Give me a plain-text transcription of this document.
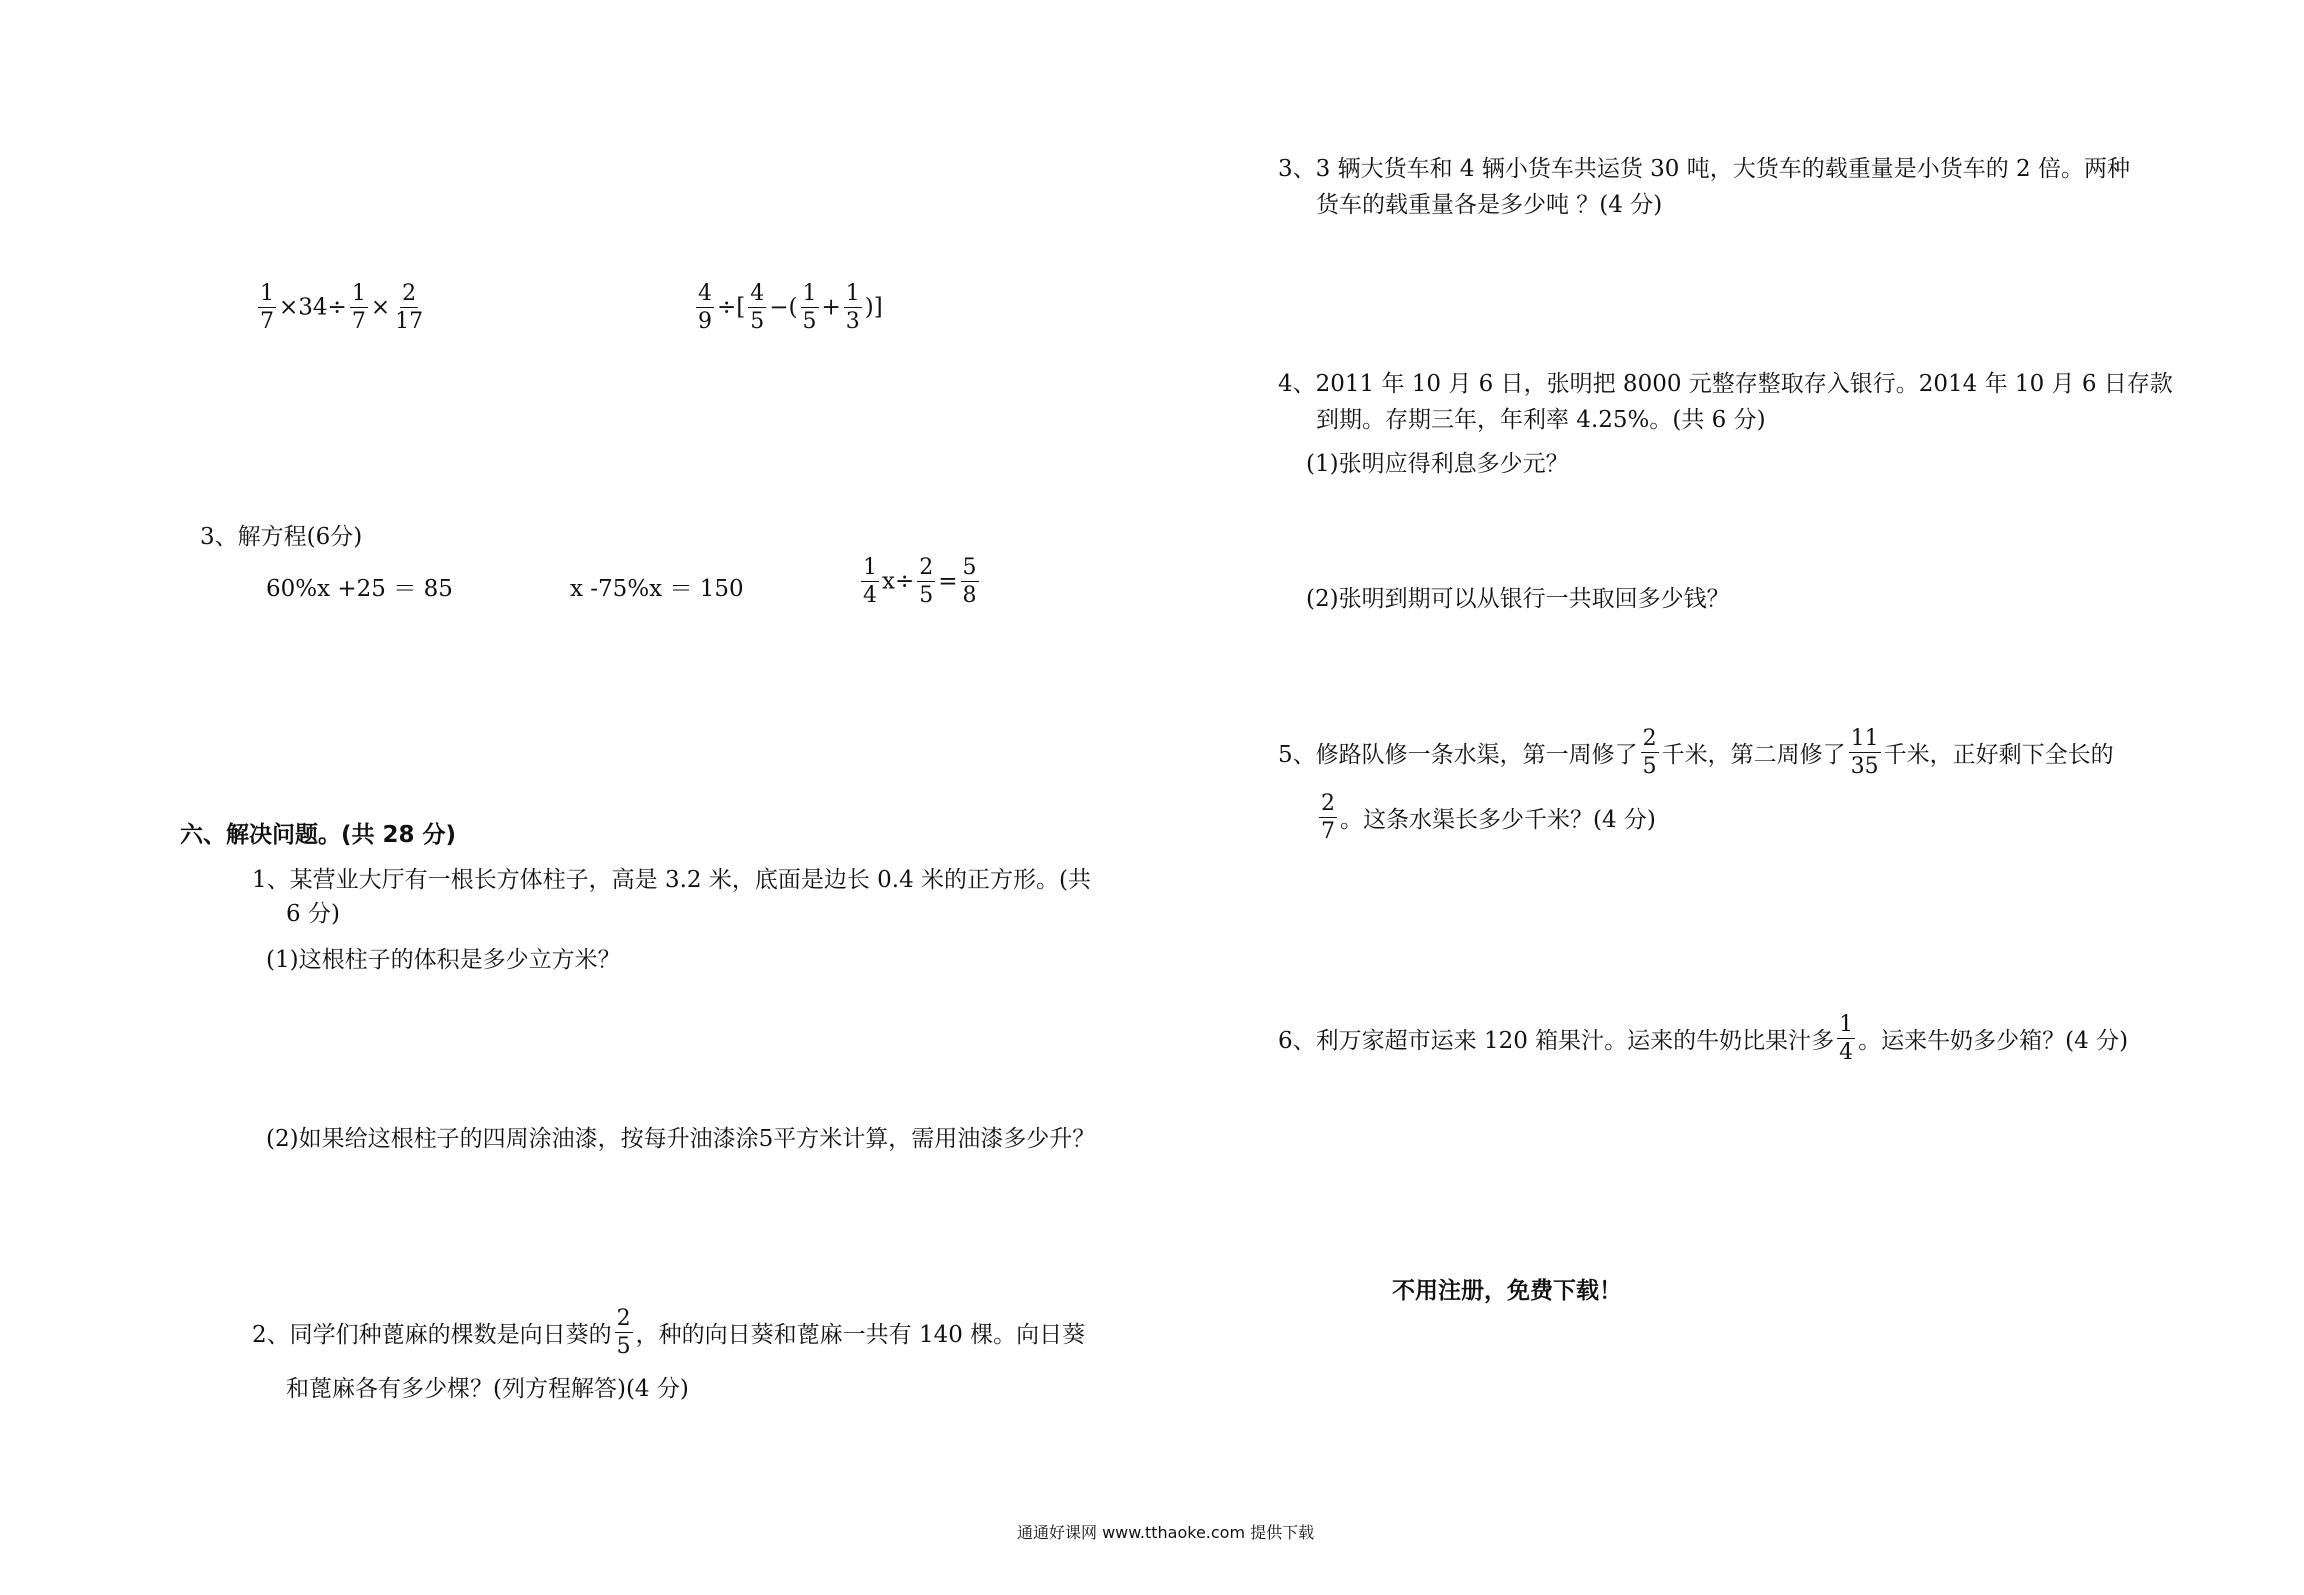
$\frac{1}{7} \times 34\div \frac{1}{7} \times \frac{2}{17}$	$\frac{4}{9}$ ÷[ $\frac{4}{5}$ −( $\frac{1}{5} + \frac{1}{3}$ )]
3、解方程(6分)
60%x +25 ＝ 85	x -75%x ＝ 150	$\frac{1}{4} x\div \frac{2}{5} = \frac{5}{8}$
六、解决问题。(共 28 分)
1、某营业大厅有一根长方体柱子，高是 3.2 米，底面是边长 0.4 米的正方形。(共
6 分)
(1)这根柱子的体积是多少立方米？
(2)如果给这根柱子的四周涂油漆，按每升油漆涂5平方米计算，需用油漆多少升？
2、同学们种蓖麻的棵数是向日葵的 $\frac{2}{5}$ ，种的向日葵和蓖麻一共有 140 棵。向日葵
和蓖麻各有多少棵？(列方程解答)(4 分)
3、3 辆大货车和 4 辆小货车共运货 30 吨，大货车的载重量是小货车的 2 倍。两种
货车的载重量各是多少吨 ？(4 分)
4、2011 年 10 月 6 日，张明把 8000 元整存整取存入银行。2014 年 10 月 6 日存款
到期。存期三年，年利率 4.25%。(共 6 分)
(1)张明应得利息多少元？
(2)张明到期可以从银行一共取回多少钱？
5、修路队修一条水渠，第一周修了 $\frac{2}{5}$ 千米，第二周修了 $\frac{11}{35}$ 千米，正好剩下全长的
$\frac{2}{7}$ 。这条水渠长多少千米？(4 分)
6、利万家超市运来 120 箱果汁。运来的牛奶比果汁多 $\frac{1}{4}$ 。运来牛奶多少箱？(4 分)
不用注册，免费下载！
通通好课网 www.tthaoke.com 提供下载
